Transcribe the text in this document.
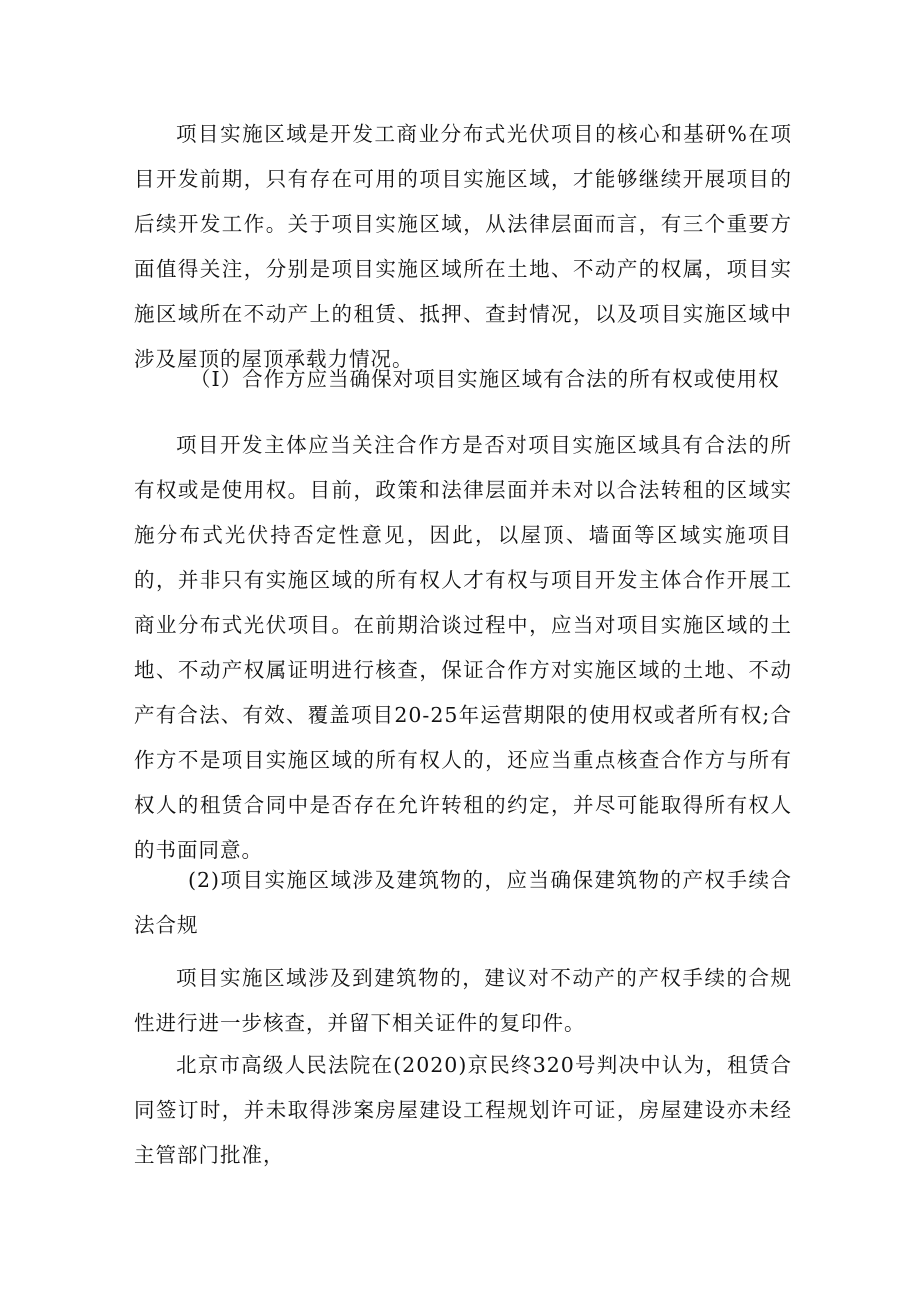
项目实施区域是开发工商业分布式光伏项目的核心和基研%在项目开发前期，只有存在可用的项目实施区域，才能够继续开展项目的后续开发工作。关于项目实施区域，从法律层面而言，有三个重要方面值得关注，分别是项目实施区域所在土地、不动产的权属，项目实施区域所在不动产上的租赁、抵押、查封情况，以及项目实施区域中涉及屋顶的屋顶承载力情况。

（I）合作方应当确保对项目实施区域有合法的所有权或使用权

项目开发主体应当关注合作方是否对项目实施区域具有合法的所有权或是使用权。目前，政策和法律层面并未对以合法转租的区域实施分布式光伏持否定性意见，因此，以屋顶、墙面等区域实施项目的，并非只有实施区域的所有权人才有权与项目开发主体合作开展工商业分布式光伏项目。在前期洽谈过程中，应当对项目实施区域的土地、不动产权属证明进行核查，保证合作方对实施区域的土地、不动产有合法、有效、覆盖项目20-25年运营期限的使用权或者所有权;合作方不是项目实施区域的所有权人的，还应当重点核查合作方与所有权人的租赁合同中是否存在允许转租的约定，并尽可能取得所有权人的书面同意。

(2)项目实施区域涉及建筑物的，应当确保建筑物的产权手续合法合规

项目实施区域涉及到建筑物的，建议对不动产的产权手续的合规性进行进一步核查，并留下相关证件的复印件。

北京市高级人民法院在(2020)京民终320号判决中认为，租赁合同签订时，并未取得涉案房屋建设工程规划许可证，房屋建设亦未经主管部门批准，
